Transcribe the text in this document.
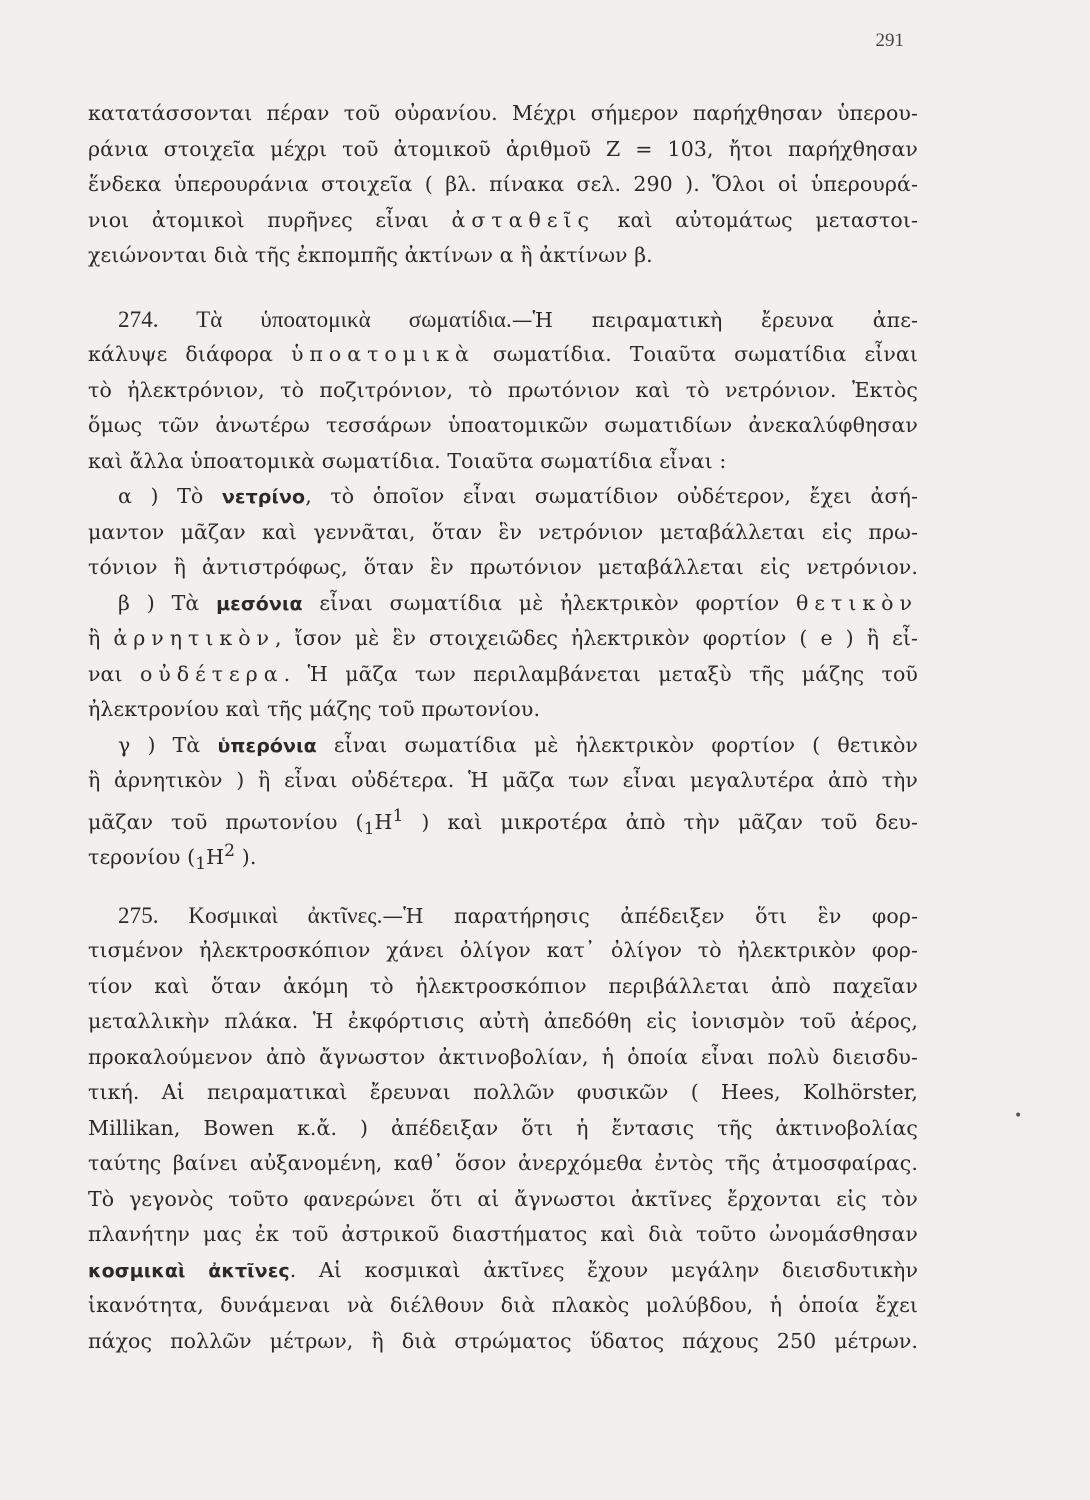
291
κατατάσσονται πέραν τοῦ οὐρανίου. Μέχρι σήμερον παρήχθησαν ὑπερου-
ράνια στοιχεῖα μέχρι τοῦ ἀτομικοῦ ἀριθμοῦ Ζ = 103, ἤτοι παρήχθησαν
ἕνδεκα ὑπερουράνια στοιχεῖα ( βλ. πίνακα σελ. 290 ). Ὅλοι οἱ ὑπερουρά-
νιοι ἀτομικοὶ πυρῆνες εἶναι ἀσταθεῖς καὶ αὐτομάτως μεταστοι-
χειώνονται διὰ τῆς ἐκπομπῆς ἀκτίνων α ἢ ἀκτίνων β.
274. Τὰ ὑποατομικὰ σωματίδια.—Ἡ πειραματικὴ ἔρευνα ἀπε-
κάλυψε διάφορα ὑποατομικὰ σωματίδια. Τοιαῦτα σωματίδια εἶναι
τὸ ἠλεκτρόνιον, τὸ ποζιτρόνιον, τὸ πρωτόνιον καὶ τὸ νετρόνιον. Ἐκτὸς
ὅμως τῶν ἀνωτέρω τεσσάρων ὑποατομικῶν σωματιδίων ἀνεκαλύφθησαν
καὶ ἄλλα ὑποατομικὰ σωματίδια. Τοιαῦτα σωματίδια εἶναι :
α ) Τὸ νετρίνο, τὸ ὁποῖον εἶναι σωματίδιον οὐδέτερον, ἔχει ἀσή-
μαντον μᾶζαν καὶ γεννᾶται, ὅταν ἓν νετρόνιον μεταβάλλεται εἰς πρω-
τόνιον ἢ ἀντιστρόφως, ὅταν ἓν πρωτόνιον μεταβάλλεται εἰς νετρόνιον.
β ) Τὰ μεσόνια εἶναι σωματίδια μὲ ἠλεκτρικὸν φορτίον θετικὸν
ἢ ἀρνητικὸν, ἴσον μὲ ἓν στοιχειῶδες ἠλεκτρικὸν φορτίον ( e ) ἢ εἶ-
ναι οὐδέτερα. Ἡ μᾶζα των περιλαμβάνεται μεταξὺ τῆς μάζης τοῦ
ἠλεκτρονίου καὶ τῆς μάζης τοῦ πρωτονίου.
γ ) Τὰ ὑπερόνια εἶναι σωματίδια μὲ ἠλεκτρικὸν φορτίον ( θετικὸν
ἢ ἀρνητικὸν ) ἢ εἶναι οὐδέτερα. Ἡ μᾶζα των εἶναι μεγαλυτέρα ἀπὸ τὴν
μᾶζαν τοῦ πρωτονίου ($_1H^1$ ) καὶ μικροτέρα ἀπὸ τὴν μᾶζαν τοῦ δευ-
τερονίου ($_1H^2$ ).
275. Κοσμικαὶ ἀκτῖνες.—Ἡ παρατήρησις ἀπέδειξεν ὅτι ἓν φορ-
τισμένον ἠλεκτροσκόπιον χάνει ὀλίγον κατ᾽ ὀλίγον τὸ ἠλεκτρικὸν φορ-
τίον καὶ ὅταν ἀκόμη τὸ ἠλεκτροσκόπιον περιβάλλεται ἀπὸ παχεῖαν
μεταλλικὴν πλάκα. Ἡ ἐκφόρτισις αὐτὴ ἀπεδόθη εἰς ἰονισμὸν τοῦ ἀέρος,
προκαλούμενον ἀπὸ ἄγνωστον ἀκτινοβολίαν, ἡ ὁποία εἶναι πολὺ διεισδυ-
τική. Αἱ πειραματικαὶ ἔρευναι πολλῶν φυσικῶν ( Hees, Kolhörster,
Millikan, Bowen κ.ἄ. ) ἀπέδειξαν ὅτι ἡ ἔντασις τῆς ἀκτινοβολίας
ταύτης βαίνει αὐξανομένη, καθ᾽ ὅσον ἀνερχόμεθα ἐντὸς τῆς ἀτμοσφαίρας.
Τὸ γεγονὸς τοῦτο φανερώνει ὅτι αἱ ἄγνωστοι ἀκτῖνες ἔρχονται εἰς τὸν
πλανήτην μας ἐκ τοῦ ἀστρικοῦ διαστήματος καὶ διὰ τοῦτο ὠνομάσθησαν
κοσμικαὶ ἀκτῖνες. Αἱ κοσμικαὶ ἀκτῖνες ἔχουν μεγάλην διεισδυτικὴν
ἱκανότητα, δυνάμεναι νὰ διέλθουν διὰ πλακὸς μολύβδου, ἡ ὁποία ἔχει
πάχος πολλῶν μέτρων, ἢ διὰ στρώματος ὕδατος πάχους 250 μέτρων.
•
